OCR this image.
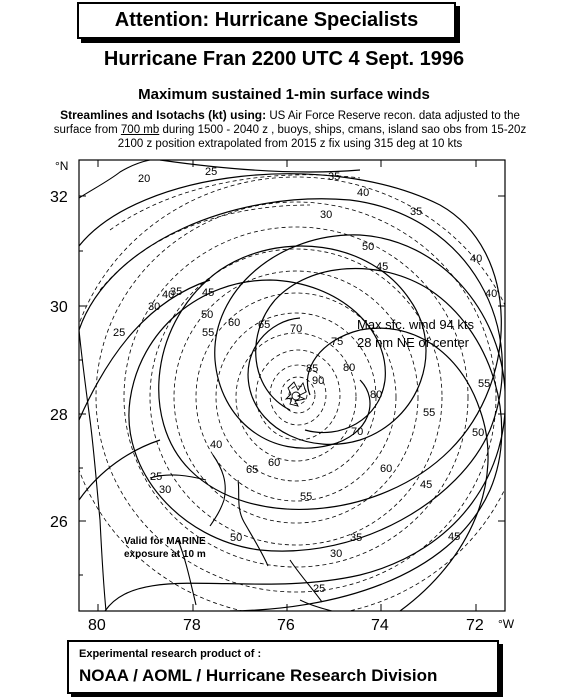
Attention: Hurricane Specialists
Hurricane Fran 2200 UTC 4 Sept. 1996
Maximum sustained 1-min surface winds
Streamlines and Isotachs (kt) using: US Air Force Reserve recon. data adjusted to the
surface from 700 mb during 1500 - 2040 z , buoys, ships, cmans, island sao obs from 15-20z
2100 z position extrapolated from 2015 z fix using 315 deg at 10 kts
°N
32
30
28
26
80	78	76	74	72 °W
20
25	35
40
35
30
40
50
45
25
30
35 45	40
50
55
60 65 70
75
85 80
90
80
70
60
55
50
55
65
60
55
45
50
30
35
25
25
30
40
45
40
Max sfc. wind 94 kts
28 nm NE of center
Valid for MARINE
exposure at 10 m
Experimental research product of :
NOAA / AOML / Hurricane Research Division
